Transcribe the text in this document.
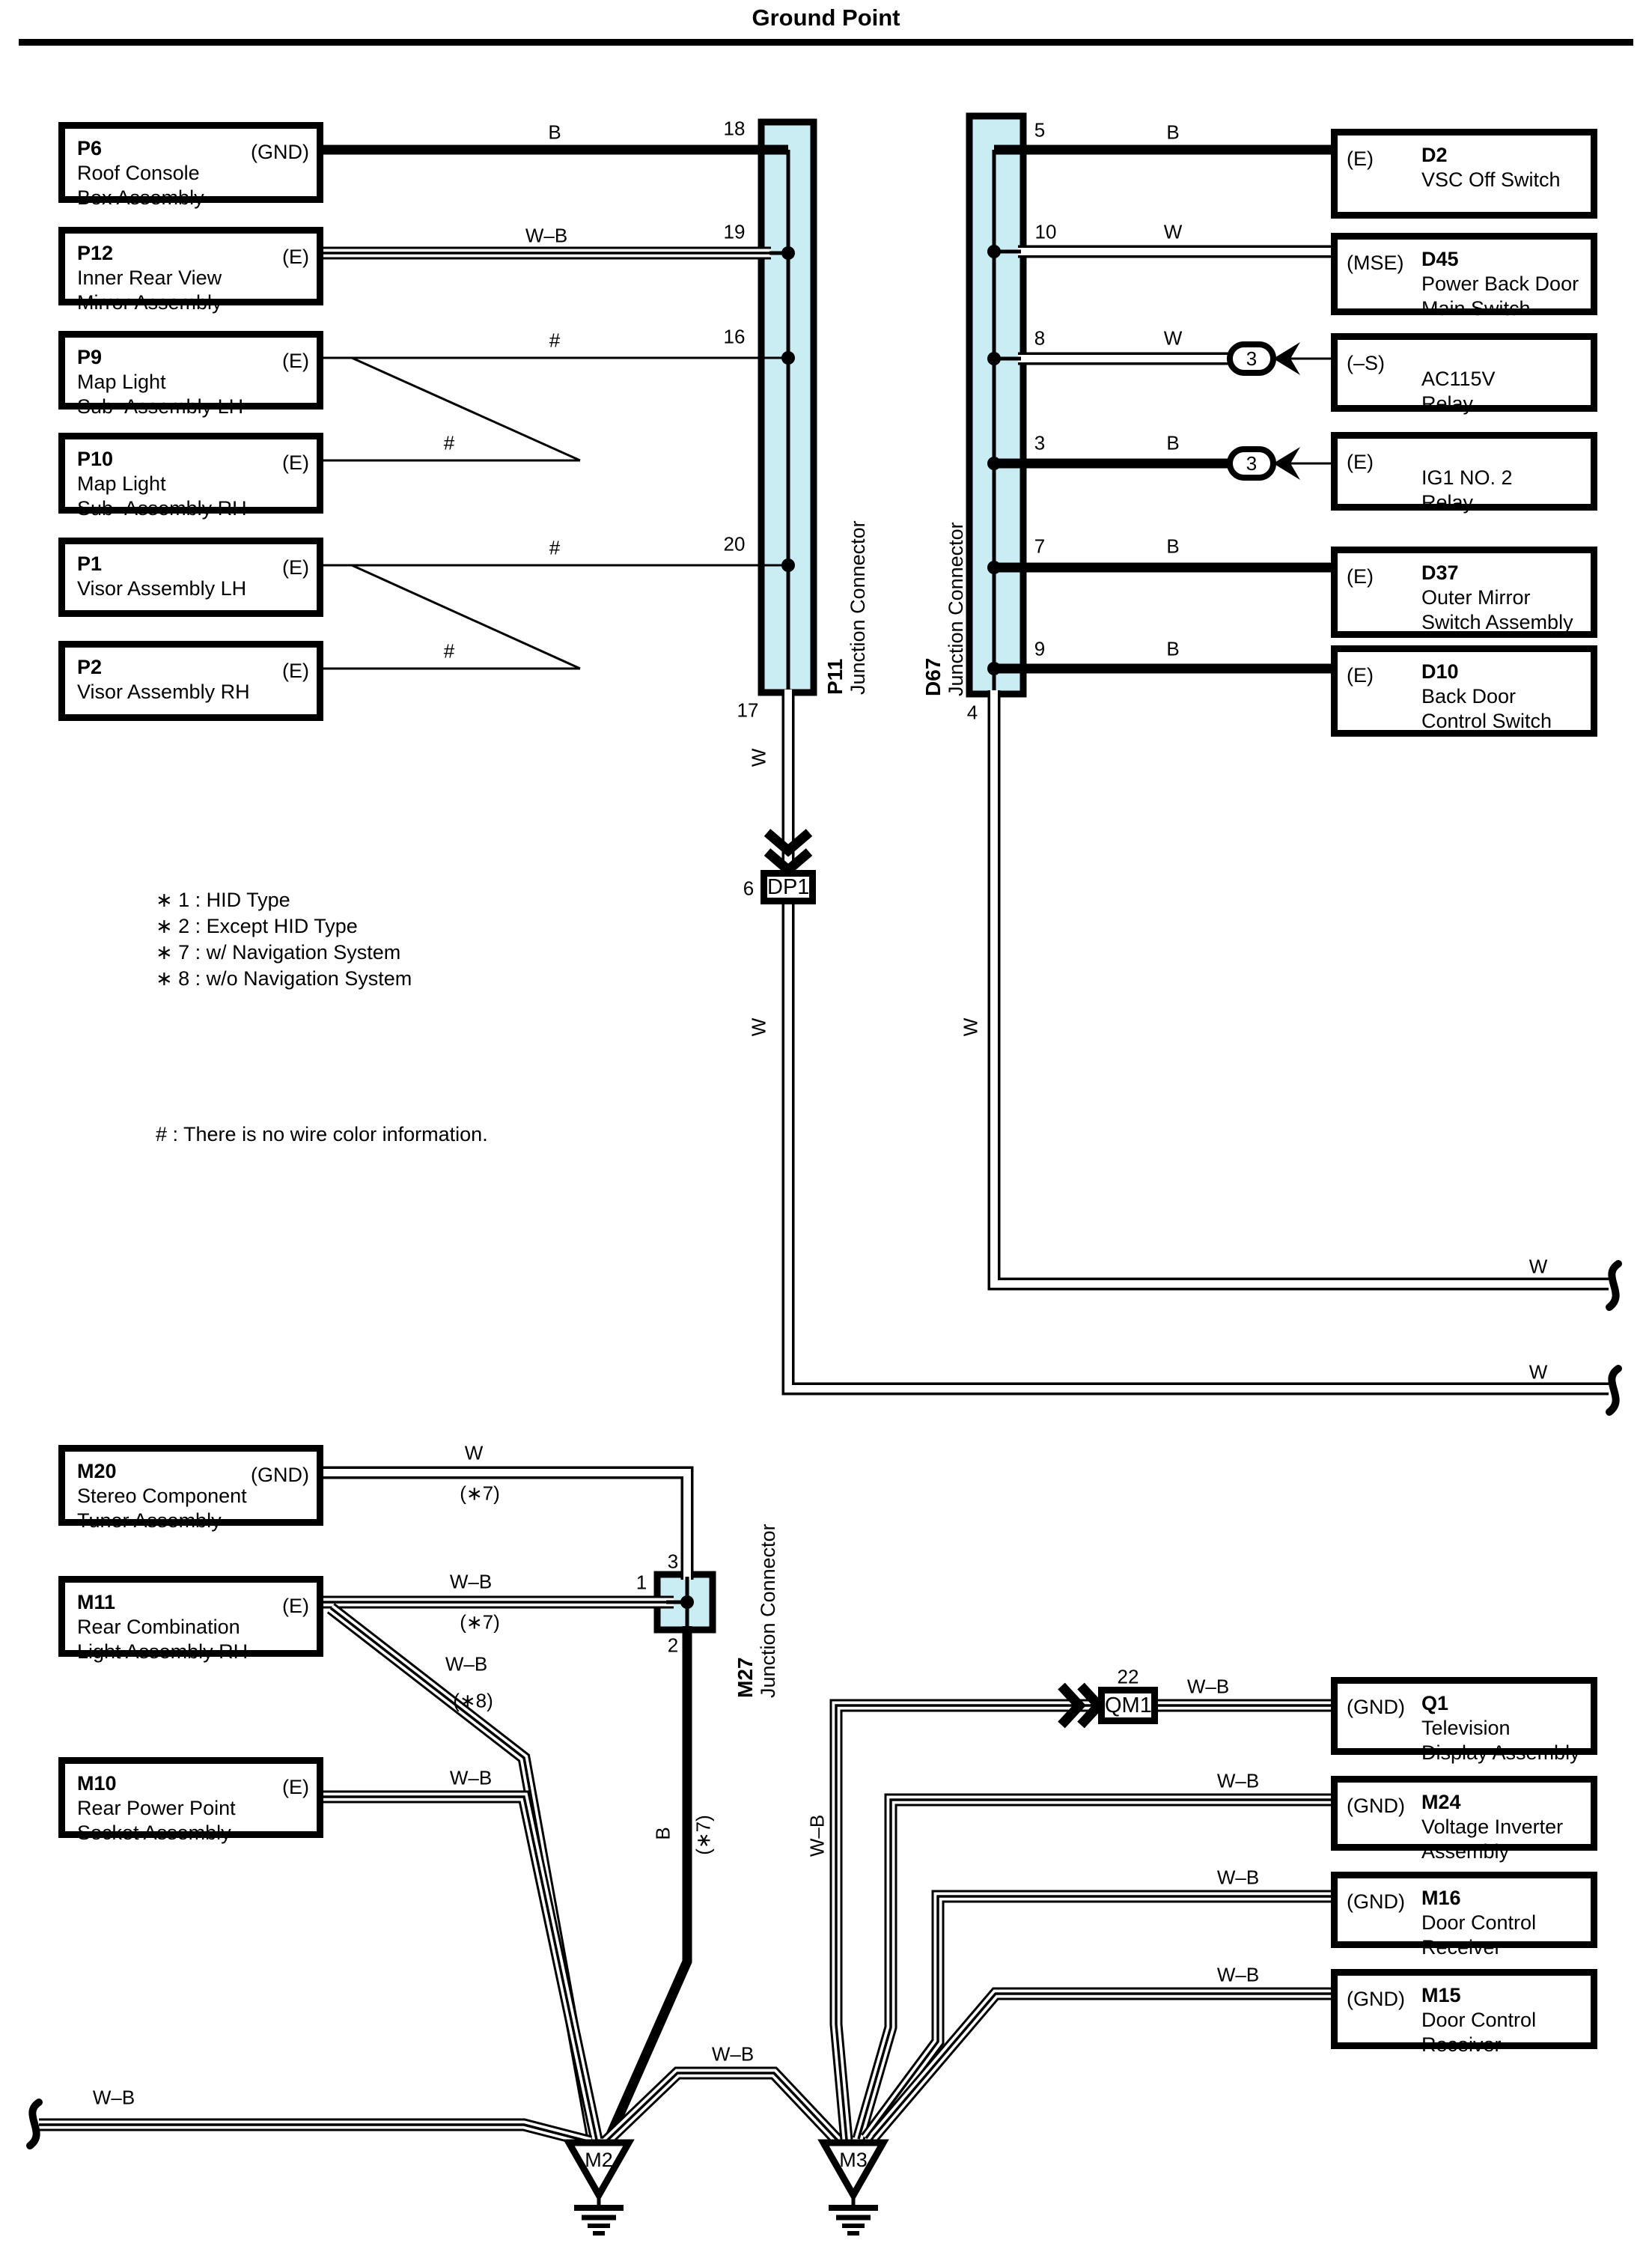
3
3
M2	M3
Ground Point
∗ 1 : HID Type
∗ 2 : Except HID Type
∗ 7 : w/ Navigation System
∗ 8 : w/o Navigation System
# : There is no wire color information.
(GND)
P6
Roof Console
Box Assembly
(E)
P12
Inner Rear View
Mirror Assembly
(E)
P9
Map Light
Sub–Assembly LH
(E)
P10
Map Light
Sub–Assembly RH
(E)
P1
Visor Assembly LH
(E)
P2
Visor Assembly RH
(GND)
M20
Stereo Component
Tuner Assembly
(E)
M11
Rear Combination
Light Assembly RH
(E)
M10
Rear Power Point
Socket Assembly
(E) D2
VSC Off Switch
(MSE) D45
Power Back Door
Main Switch
(–S)
AC115V
Relay
(E)
IG1 NO. 2
Relay
(E) D37
Outer Mirror
Switch Assembly
(E) D10
Back Door
Control Switch
(GND) Q1
Television
Display Assembly
(GND) M24
Voltage Inverter
Assembly
(GND) M16
Door Control
Receiver
(GND) M15
Door Control
Receiver
P11 Junction Connector	D67 Junction Connector
M27 Junction Connector
DP1
QM1
B
W–B
#
#
#
#
18
19
16
20
17
5
10
8
3
7
9
4
B
W
W
B
B
B
W
W	W
W
W
6
W
(∗7)
3
W–B	1
(∗7)
2
W–B
(∗8)
22 W–B
W–B	W–B
B (∗7)	W–B
W–B
W–B
W–B
W–B
